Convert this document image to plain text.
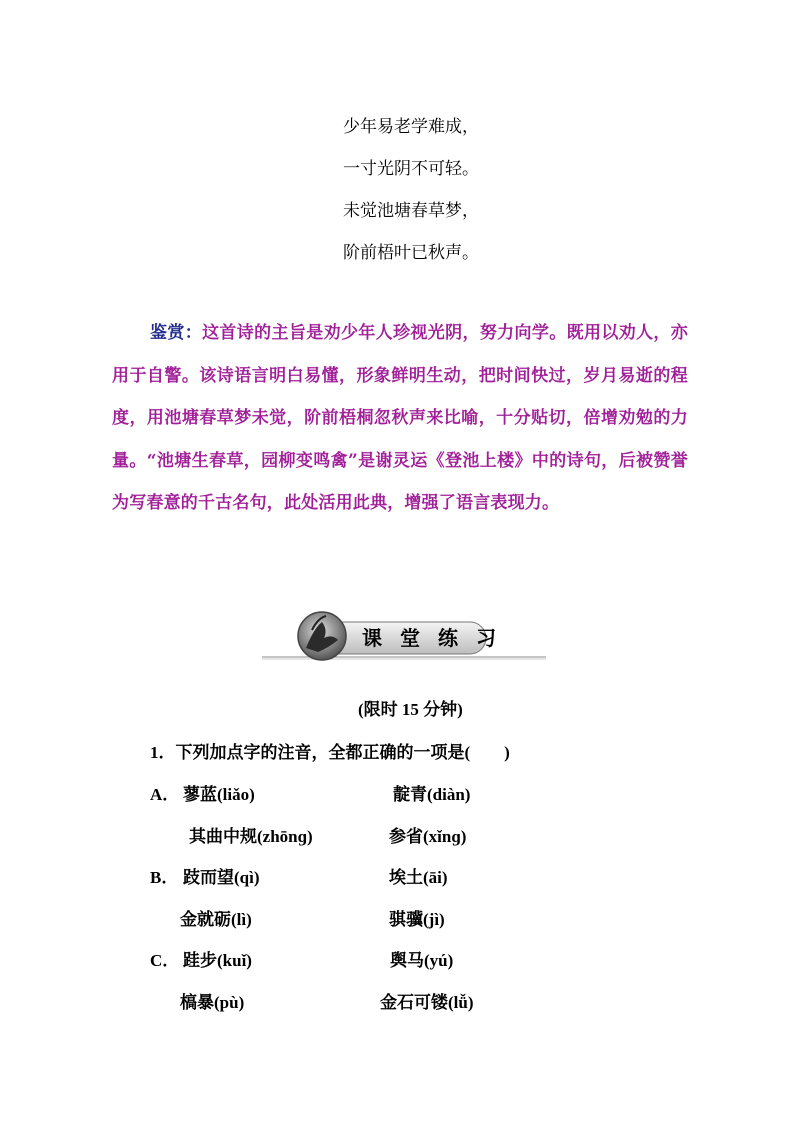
少年易老学难成，
一寸光阴不可轻。
未觉池塘春草梦，
阶前梧叶已秋声。
鉴赏：这首诗的主旨是劝少年人珍视光阴，努力向学。既用以劝人，亦用于自警。该诗语言明白易懂，形象鲜明生动，把时间快过，岁月易逝的程度，用池塘春草梦未觉，阶前梧桐忽秋声来比喻，十分贴切，倍增劝勉的力量。“池塘生春草，园柳变鸣禽”是谢灵运《登池上楼》中的诗句，后被赞誉为写春意的千古名句，此处活用此典，增强了语言表现力。
课堂练习
(限时 15 分钟)
1．下列加点字的注音，全都正确的一项是(　　)
A． 蓼蓝(liǎo)	靛青(diàn)
其曲中规(zhōnɡ)	参省(xǐnɡ)
B． 跂而望(qì)	埃土(āi)
金就砺(lì)	骐骥(jì)
C． 跬步(kuǐ)	舆马(yú)
槁暴(pù)	金石可镂(lǚ)
